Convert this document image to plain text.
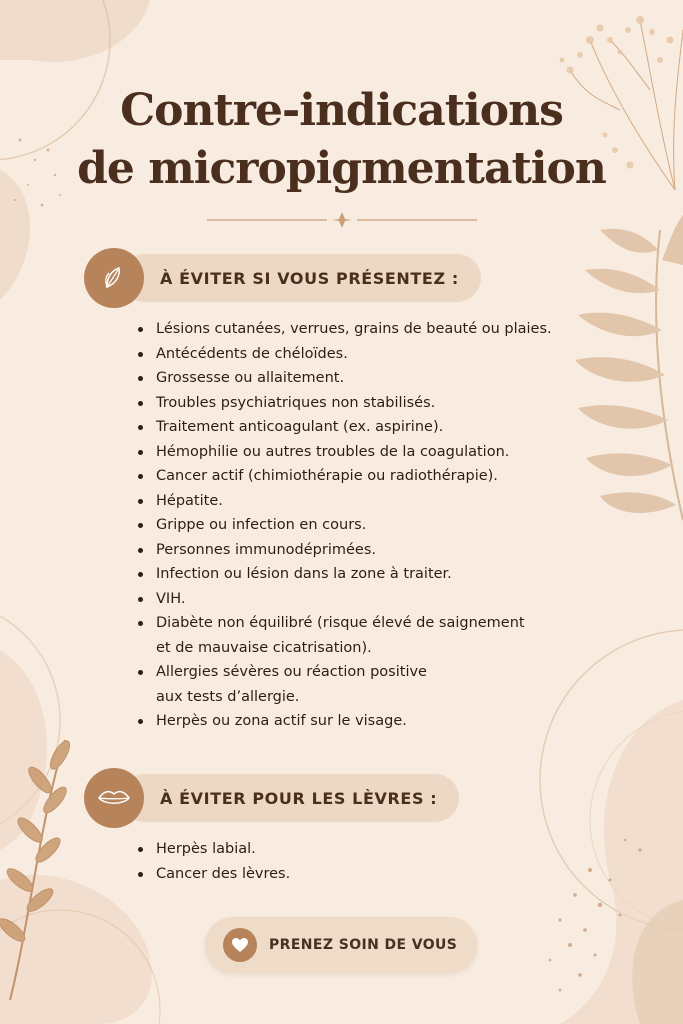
Contre-indications
de micropigmentation
À ÉVITER SI VOUS PRÉSENTEZ :
Lésions cutanées, verrues, grains de beauté ou plaies.
Antécédents de chéloïdes.
Grossesse ou allaitement.
Troubles psychiatriques non stabilisés.
Traitement anticoagulant (ex. aspirine).
Hémophilie ou autres troubles de la coagulation.
Cancer actif (chimiothérapie ou radiothérapie).
Hépatite.
Grippe ou infection en cours.
Personnes immunodéprimées.
Infection ou lésion dans la zone à traiter.
VIH.
Diabète non équilibré (risque élevé de saignement
et de mauvaise cicatrisation).
Allergies sévères ou réaction positive
aux tests d’allergie.
Herpès ou zona actif sur le visage.
À ÉVITER POUR LES LÈVRES :
Herpès labial.
Cancer des lèvres.
PRENEZ SOIN DE VOUS
